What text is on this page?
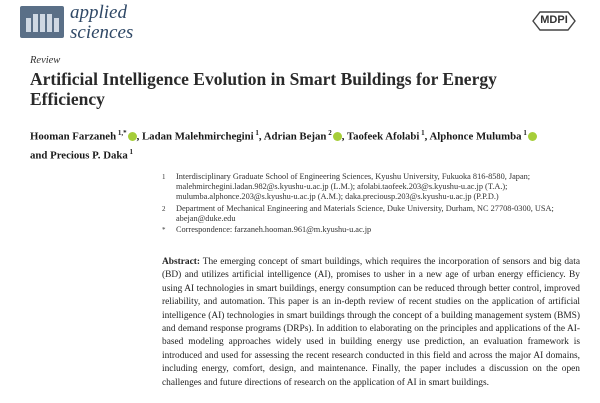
applied
sciences
MDPI
Review
Artificial Intelligence Evolution in Smart Buildings for Energy Efficiency
Hooman Farzaneh $^{1,*}$ , Ladan Malehmirchegini $^1$, Adrian Bejan $^2$ , Taofeek Afolabi $^1$, Alphonce Mulumba $^1$
and Precious P. Daka $^1$
1 Interdisciplinary Graduate School of Engineering Sciences, Kyushu University, Fukuoka 816-8580, Japan; malehmirchegini.ladan.982@s.kyushu-u.ac.jp (L.M.); afolabi.taofeek.203@s.kyushu-u.ac.jp (T.A.); mulumba.alphonce.203@s.kyushu-u.ac.jp (A.M.); daka.preciousp.203@s.kyushu-u.ac.jp (P.P.D.)
2 Department of Mechanical Engineering and Materials Science, Duke University, Durham, NC 27708-0300, USA; abejan@duke.edu
* Correspondence: farzaneh.hooman.961@m.kyushu-u.ac.jp
Abstract: The emerging concept of smart buildings, which requires the incorporation of sensors and big data (BD) and utilizes artificial intelligence (AI), promises to usher in a new age of urban energy efficiency. By using AI technologies in smart buildings, energy consumption can be reduced through better control, improved reliability, and automation. This paper is an in-depth review of recent studies on the application of artificial intelligence (AI) technologies in smart buildings through the concept of a building management system (BMS) and demand response programs (DRPs). In addition to elaborating on the principles and applications of the AI-based modeling approaches widely used in building energy use prediction, an evaluation framework is introduced and used for assessing the recent research conducted in this field and across the major AI domains, including energy, comfort, design, and maintenance. Finally, the paper includes a discussion on the open challenges and future directions of research on the application of AI in smart buildings.
